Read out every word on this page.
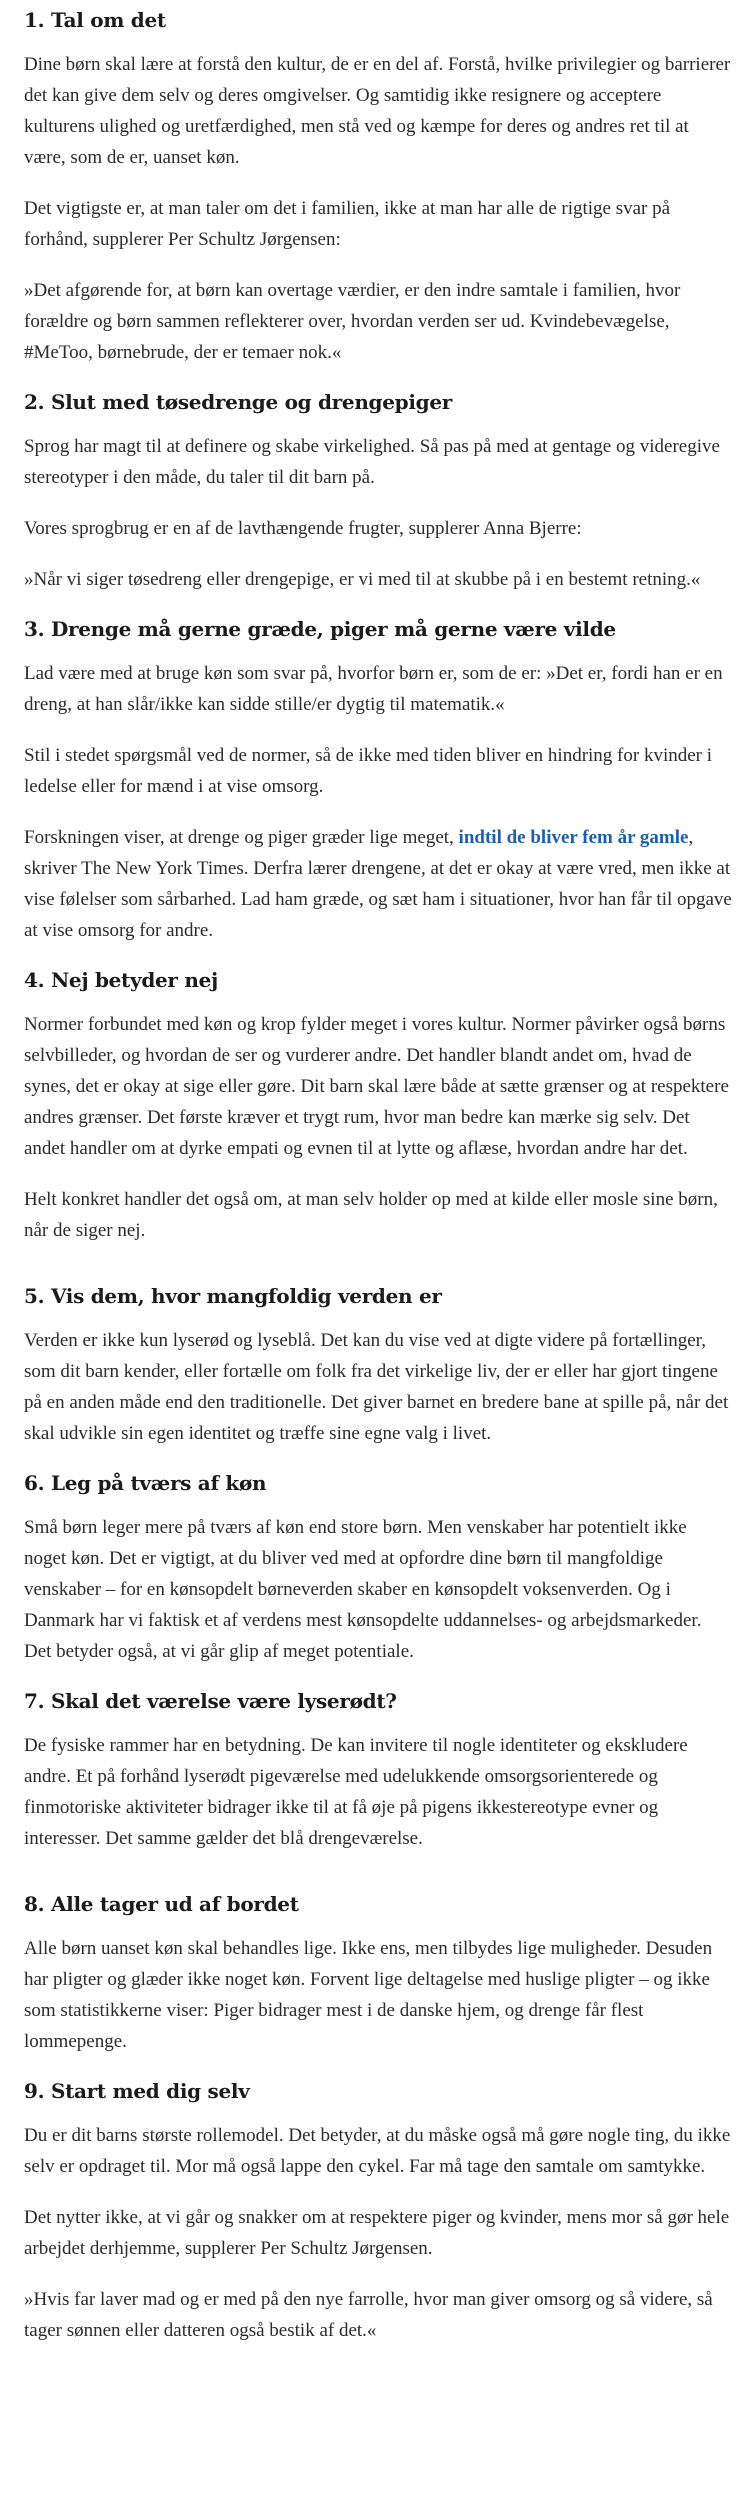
1. Tal om det

Dine børn skal lære at forstå den kultur, de er en del af. Forstå, hvilke privilegier og barrierer det kan give dem selv og deres omgivelser. Og samtidig ikke resignere og acceptere kulturens ulighed og uretfærdighed, men stå ved og kæmpe for deres og andres ret til at være, som de er, uanset køn.

Det vigtigste er, at man taler om det i familien, ikke at man har alle de rigtige svar på forhånd, supplerer Per Schultz Jørgensen:

»Det afgørende for, at børn kan overtage værdier, er den indre samtale i familien, hvor forældre og børn sammen reflekterer over, hvordan verden ser ud. Kvindebevægelse, #MeToo, børnebrude, der er temaer nok.«

2. Slut med tøsedrenge og drengepiger

Sprog har magt til at definere og skabe virkelighed. Så pas på med at gentage og videregive stereotyper i den måde, du taler til dit barn på.

Vores sprogbrug er en af de lavthængende frugter, supplerer Anna Bjerre:

»Når vi siger tøsedreng eller drengepige, er vi med til at skubbe på i en bestemt retning.«

3. Drenge må gerne græde, piger må gerne være vilde

Lad være med at bruge køn som svar på, hvorfor børn er, som de er: »Det er, fordi han er en dreng, at han slår/ikke kan sidde stille/er dygtig til matematik.«

Stil i stedet spørgsmål ved de normer, så de ikke med tiden bliver en hindring for kvinder i ledelse eller for mænd i at vise omsorg.

Forskningen viser, at drenge og piger græder lige meget, indtil de bliver fem år gamle, skriver The New York Times. Derfra lærer drengene, at det er okay at være vred, men ikke at vise følelser som sårbarhed. Lad ham græde, og sæt ham i situationer, hvor han får til opgave at vise omsorg for andre.

4. Nej betyder nej

Normer forbundet med køn og krop fylder meget i vores kultur. Normer påvirker også børns selvbilleder, og hvordan de ser og vurderer andre. Det handler blandt andet om, hvad de synes, det er okay at sige eller gøre. Dit barn skal lære både at sætte grænser og at respektere andres grænser. Det første kræver et trygt rum, hvor man bedre kan mærke sig selv. Det andet handler om at dyrke empati og evnen til at lytte og aflæse, hvordan andre har det.

Helt konkret handler det også om, at man selv holder op med at kilde eller mosle sine børn, når de siger nej.

5. Vis dem, hvor mangfoldig verden er

Verden er ikke kun lyserød og lyseblå. Det kan du vise ved at digte videre på fortællinger, som dit barn kender, eller fortælle om folk fra det virkelige liv, der er eller har gjort tingene på en anden måde end den traditionelle. Det giver barnet en bredere bane at spille på, når det skal udvikle sin egen identitet og træffe sine egne valg i livet.

6. Leg på tværs af køn

Små børn leger mere på tværs af køn end store børn. Men venskaber har potentielt ikke noget køn. Det er vigtigt, at du bliver ved med at opfordre dine børn til mangfoldige venskaber – for en kønsopdelt børneverden skaber en kønsopdelt voksenverden. Og i Danmark har vi faktisk et af verdens mest kønsopdelte uddannelses- og arbejdsmarkeder. Det betyder også, at vi går glip af meget potentiale.

7. Skal det værelse være lyserødt?

De fysiske rammer har en betydning. De kan invitere til nogle identiteter og ekskludere andre. Et på forhånd lyserødt pigeværelse med udelukkende omsorgsorienterede og finmotoriske aktiviteter bidrager ikke til at få øje på pigens ikkestereotype evner og interesser. Det samme gælder det blå drengeværelse.

8. Alle tager ud af bordet

Alle børn uanset køn skal behandles lige. Ikke ens, men tilbydes lige muligheder. Desuden har pligter og glæder ikke noget køn. Forvent lige deltagelse med huslige pligter – og ikke som statistikkerne viser: Piger bidrager mest i de danske hjem, og drenge får flest lommepenge.

9. Start med dig selv

Du er dit barns største rollemodel. Det betyder, at du måske også må gøre nogle ting, du ikke selv er opdraget til. Mor må også lappe den cykel. Far må tage den samtale om samtykke.

Det nytter ikke, at vi går og snakker om at respektere piger og kvinder, mens mor så gør hele arbejdet derhjemme, supplerer Per Schultz Jørgensen.

»Hvis far laver mad og er med på den nye farrolle, hvor man giver omsorg og så videre, så tager sønnen eller datteren også bestik af det.«
